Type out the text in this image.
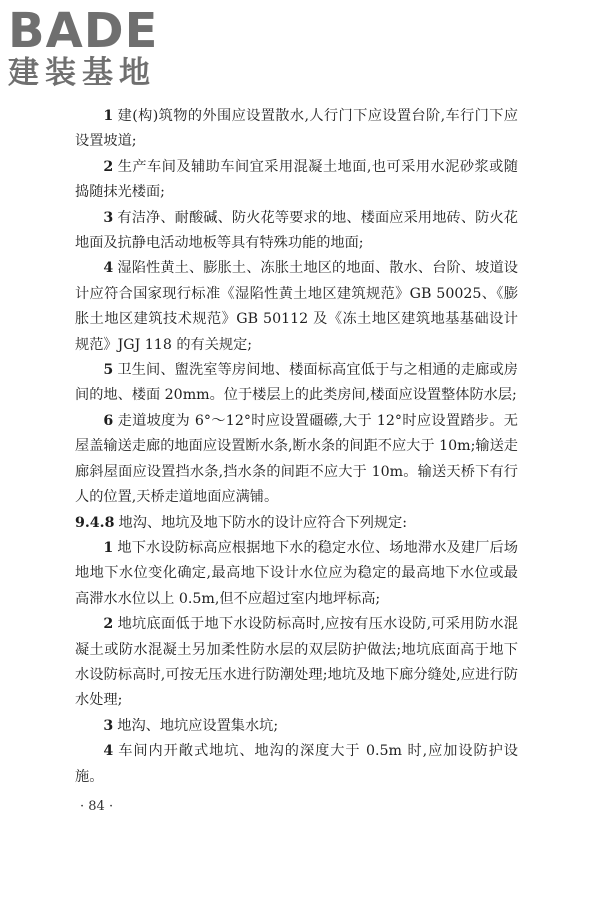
BADE
建装基地

1 建(构)筑物的外围应设置散水,人行门下应设置台阶,车行门下应设置坡道;

2 生产车间及辅助车间宜采用混凝土地面,也可采用水泥砂浆或随捣随抹光楼面;

3 有洁净、耐酸碱、防火花等要求的地、楼面应采用地砖、防火花地面及抗静电活动地板等具有特殊功能的地面;

4 湿陷性黄土、膨胀土、冻胀土地区的地面、散水、台阶、坡道设计应符合国家现行标准《湿陷性黄土地区建筑规范》GB 50025、《膨胀土地区建筑技术规范》GB 50112 及《冻土地区建筑地基基础设计规范》JGJ 118 的有关规定;

5 卫生间、盥洗室等房间地、楼面标高宜低于与之相通的走廊或房间的地、楼面 20mm。位于楼层上的此类房间,楼面应设置整体防水层;

6 走道坡度为 6°～12°时应设置礓礤,大于 12°时应设置踏步。无屋盖输送走廊的地面应设置断水条,断水条的间距不应大于 10m;输送走廊斜屋面应设置挡水条,挡水条的间距不应大于 10m。输送天桥下有行人的位置,天桥走道地面应满铺。

9.4.8 地沟、地坑及地下防水的设计应符合下列规定:

1 地下水设防标高应根据地下水的稳定水位、场地滞水及建厂后场地地下水位变化确定,最高地下设计水位应为稳定的最高地下水位或最高滞水水位以上 0.5m,但不应超过室内地坪标高;

2 地坑底面低于地下水设防标高时,应按有压水设防,可采用防水混凝土或防水混凝土另加柔性防水层的双层防护做法;地坑底面高于地下水设防标高时,可按无压水进行防潮处理;地坑及地下廊分缝处,应进行防水处理;

3 地沟、地坑应设置集水坑;

4 车间内开敞式地坑、地沟的深度大于 0.5m 时,应加设防护设施。

· 84 ·
